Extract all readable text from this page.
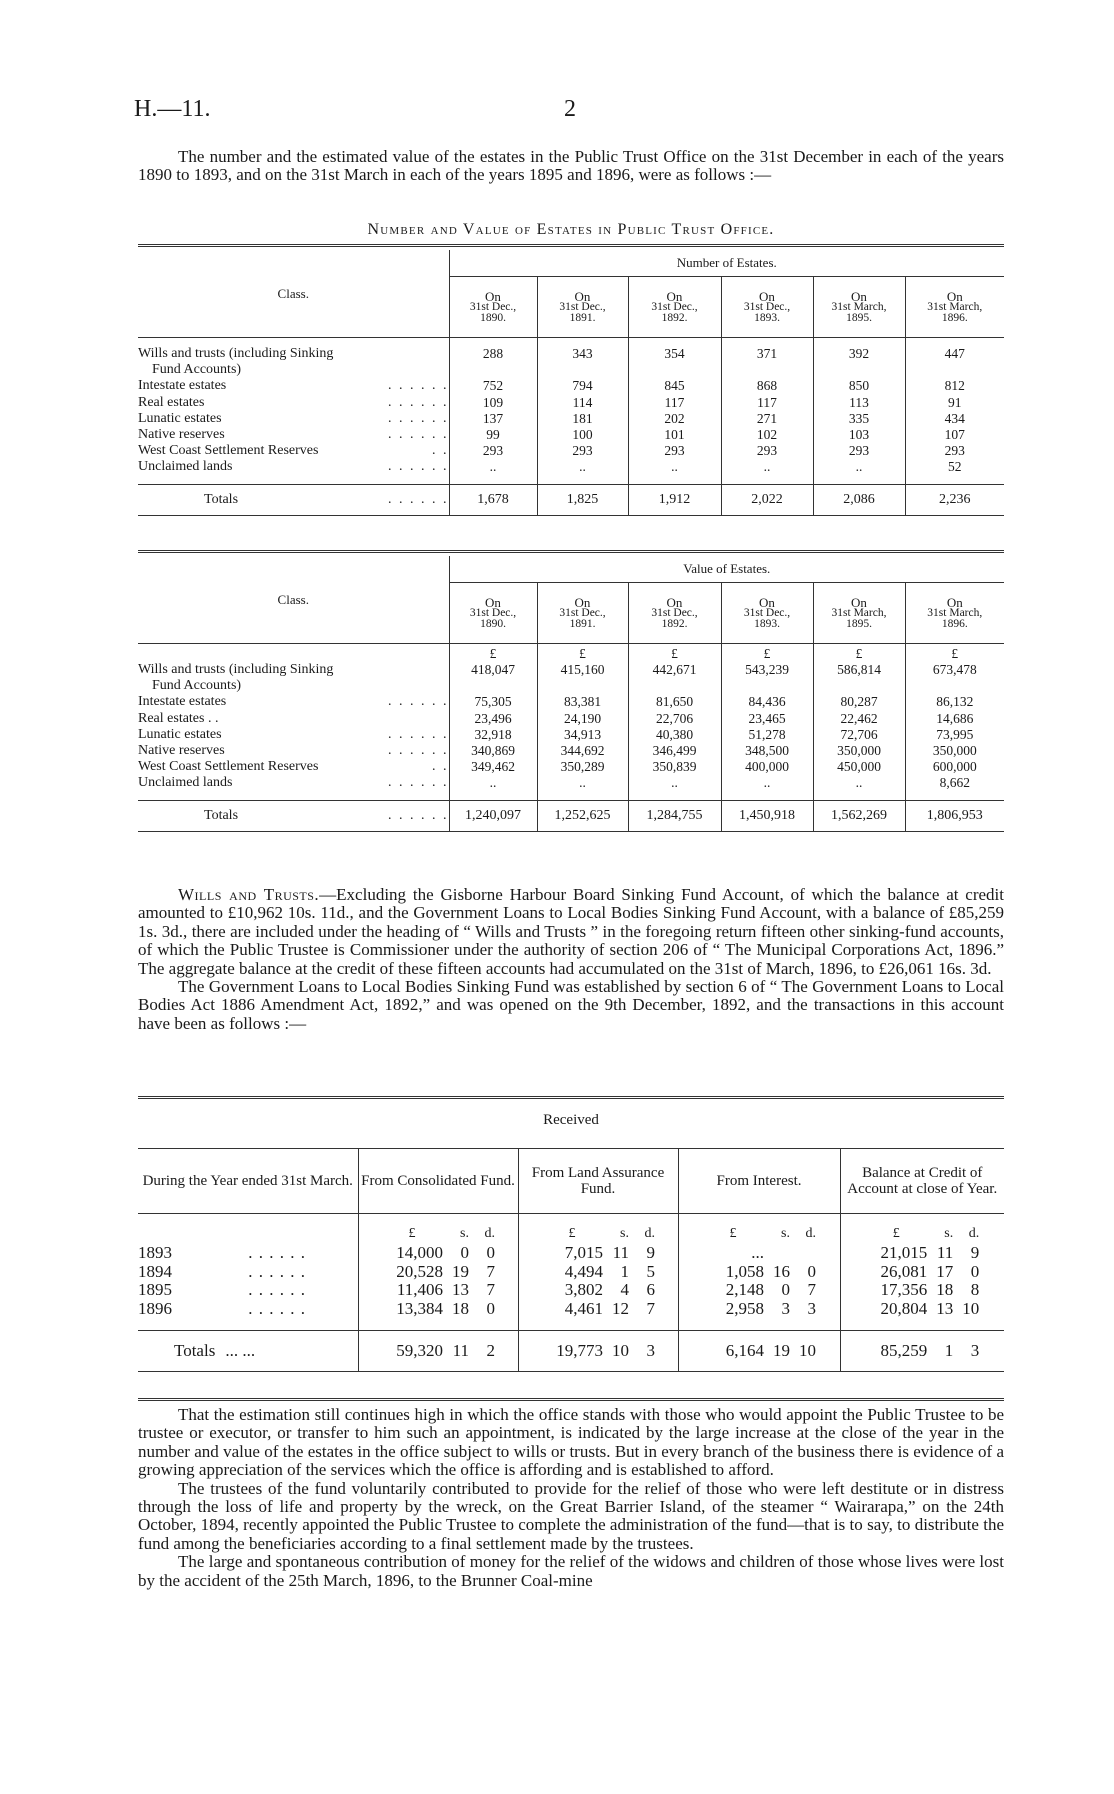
H.—11.	2

The number and the estimated value of the estates in the Public Trust Office on the 31st December in each of the years 1890 to 1893, and on the 31st March in each of the years 1895 and 1896, were as follows :—

Number and Value of Estates in Public Trust Office.
Class.	Number of Estates.					

	On
31st Dec.,
1890.	On
31st Dec.,
1891.	On
31st Dec.,
1892.	On
31st Dec.,
1893.	On
31st March,
1895.	On
31st March,
1896.

Wills and trusts (including Sinking
Fund Accounts)	288	343	354	371	392	447
Intestate estates . . . . . .	752	794	845	868	850	812
Real estates . . . . . .	109	114	117	117	113	91
Lunatic estates . . . . . .	137	181	202	271	335	434
Native reserves . . . . . .	99	100	101	102	103	107
West Coast Settlement Reserves . .	293	293	293	293	293	293
Unclaimed lands . . . . . .	..	..	..	..	..	52

Totals . . . . . .	1,678	1,825	1,912	2,022	2,086	2,236
Class.	Value of Estates.					

	On
31st Dec.,
1890.	On
31st Dec.,
1891.	On
31st Dec.,
1892.	On
31st Dec.,
1893.	On
31st March,
1895.	On
31st March,
1896.

	£	£	£	£	£	£
Wills and trusts (including Sinking
Fund Accounts)	418,047	415,160	442,671	543,239	586,814	673,478
Intestate estates . . . . . .	75,305	83,381	81,650	84,436	80,287	86,132
Real estates . .	23,496	24,190	22,706	23,465	22,462	14,686
Lunatic estates . . . . . .	32,918	34,913	40,380	51,278	72,706	73,995
Native reserves . . . . . .	340,869	344,692	346,499	348,500	350,000	350,000
West Coast Settlement Reserves . .	349,462	350,289	350,839	400,000	450,000	600,000
Unclaimed lands . . . . . .	..	..	..	..	..	8,662

Totals . . . . . .	1,240,097	1,252,625	1,284,755	1,450,918	1,562,269	1,806,953

Wills and Trusts.—Excluding the Gisborne Harbour Board Sinking Fund Account, of which the balance at credit amounted to £10,962 10s. 11d., and the Government Loans to Local Bodies Sinking Fund Account, with a balance of £85,259 1s. 3d., there are included under the heading of “ Wills and Trusts ” in the foregoing return fifteen other sinking-fund accounts, of which the Public Trustee is Commissioner under the authority of section 206 of “ The Municipal Corporations Act, 1896.” The aggregate balance at the credit of these fifteen accounts had accumulated on the 31st of March, 1896, to £26,061 16s. 3d.

The Government Loans to Local Bodies Sinking Fund was established by section 6 of “ The Government Loans to Local Bodies Act 1886 Amendment Act, 1892,” and was opened on the 9th December, 1892, and the transactions in this account have been as follows :—

Received
During the Year ended 31st March.	From Consolidated Fund.	From Land Assurance Fund.	From Interest.	Balance at Credit of Account at close of Year.

	£ s. d.	£ s. d.	£ s. d.	£ s. d.

1893 . . . . . .	14,000 0 0	7,015 11 9	...	21,015 11 9

1894 . . . . . .	20,528 19 7	4,494 1 5	1,058 16 0	26,081 17 0

1895 . . . . . .	11,406 13 7	3,802 4 6	2,148 0 7	17,356 18 8

1896 . . . . . .	13,384 18 0	4,461 12 7	2,958 3 3	20,804 13 10

Totals ... ...	59,320 11 2	19,773 10 3	6,164 19 10	85,259 1 3

That the estimation still continues high in which the office stands with those who would appoint the Public Trustee to be trustee or executor, or transfer to him such an appointment, is indicated by the large increase at the close of the year in the number and value of the estates in the office subject to wills or trusts. But in every branch of the business there is evidence of a growing appreciation of the services which the office is affording and is established to afford.

The trustees of the fund voluntarily contributed to provide for the relief of those who were left destitute or in distress through the loss of life and property by the wreck, on the Great Barrier Island, of the steamer “ Wairarapa,” on the 24th October, 1894, recently appointed the Public Trustee to complete the administration of the fund—that is to say, to distribute the fund among the beneficiaries according to a final settlement made by the trustees.

The large and spontaneous contribution of money for the relief of the widows and children of those whose lives were lost by the accident of the 25th March, 1896, to the Brunner Coal-mine
